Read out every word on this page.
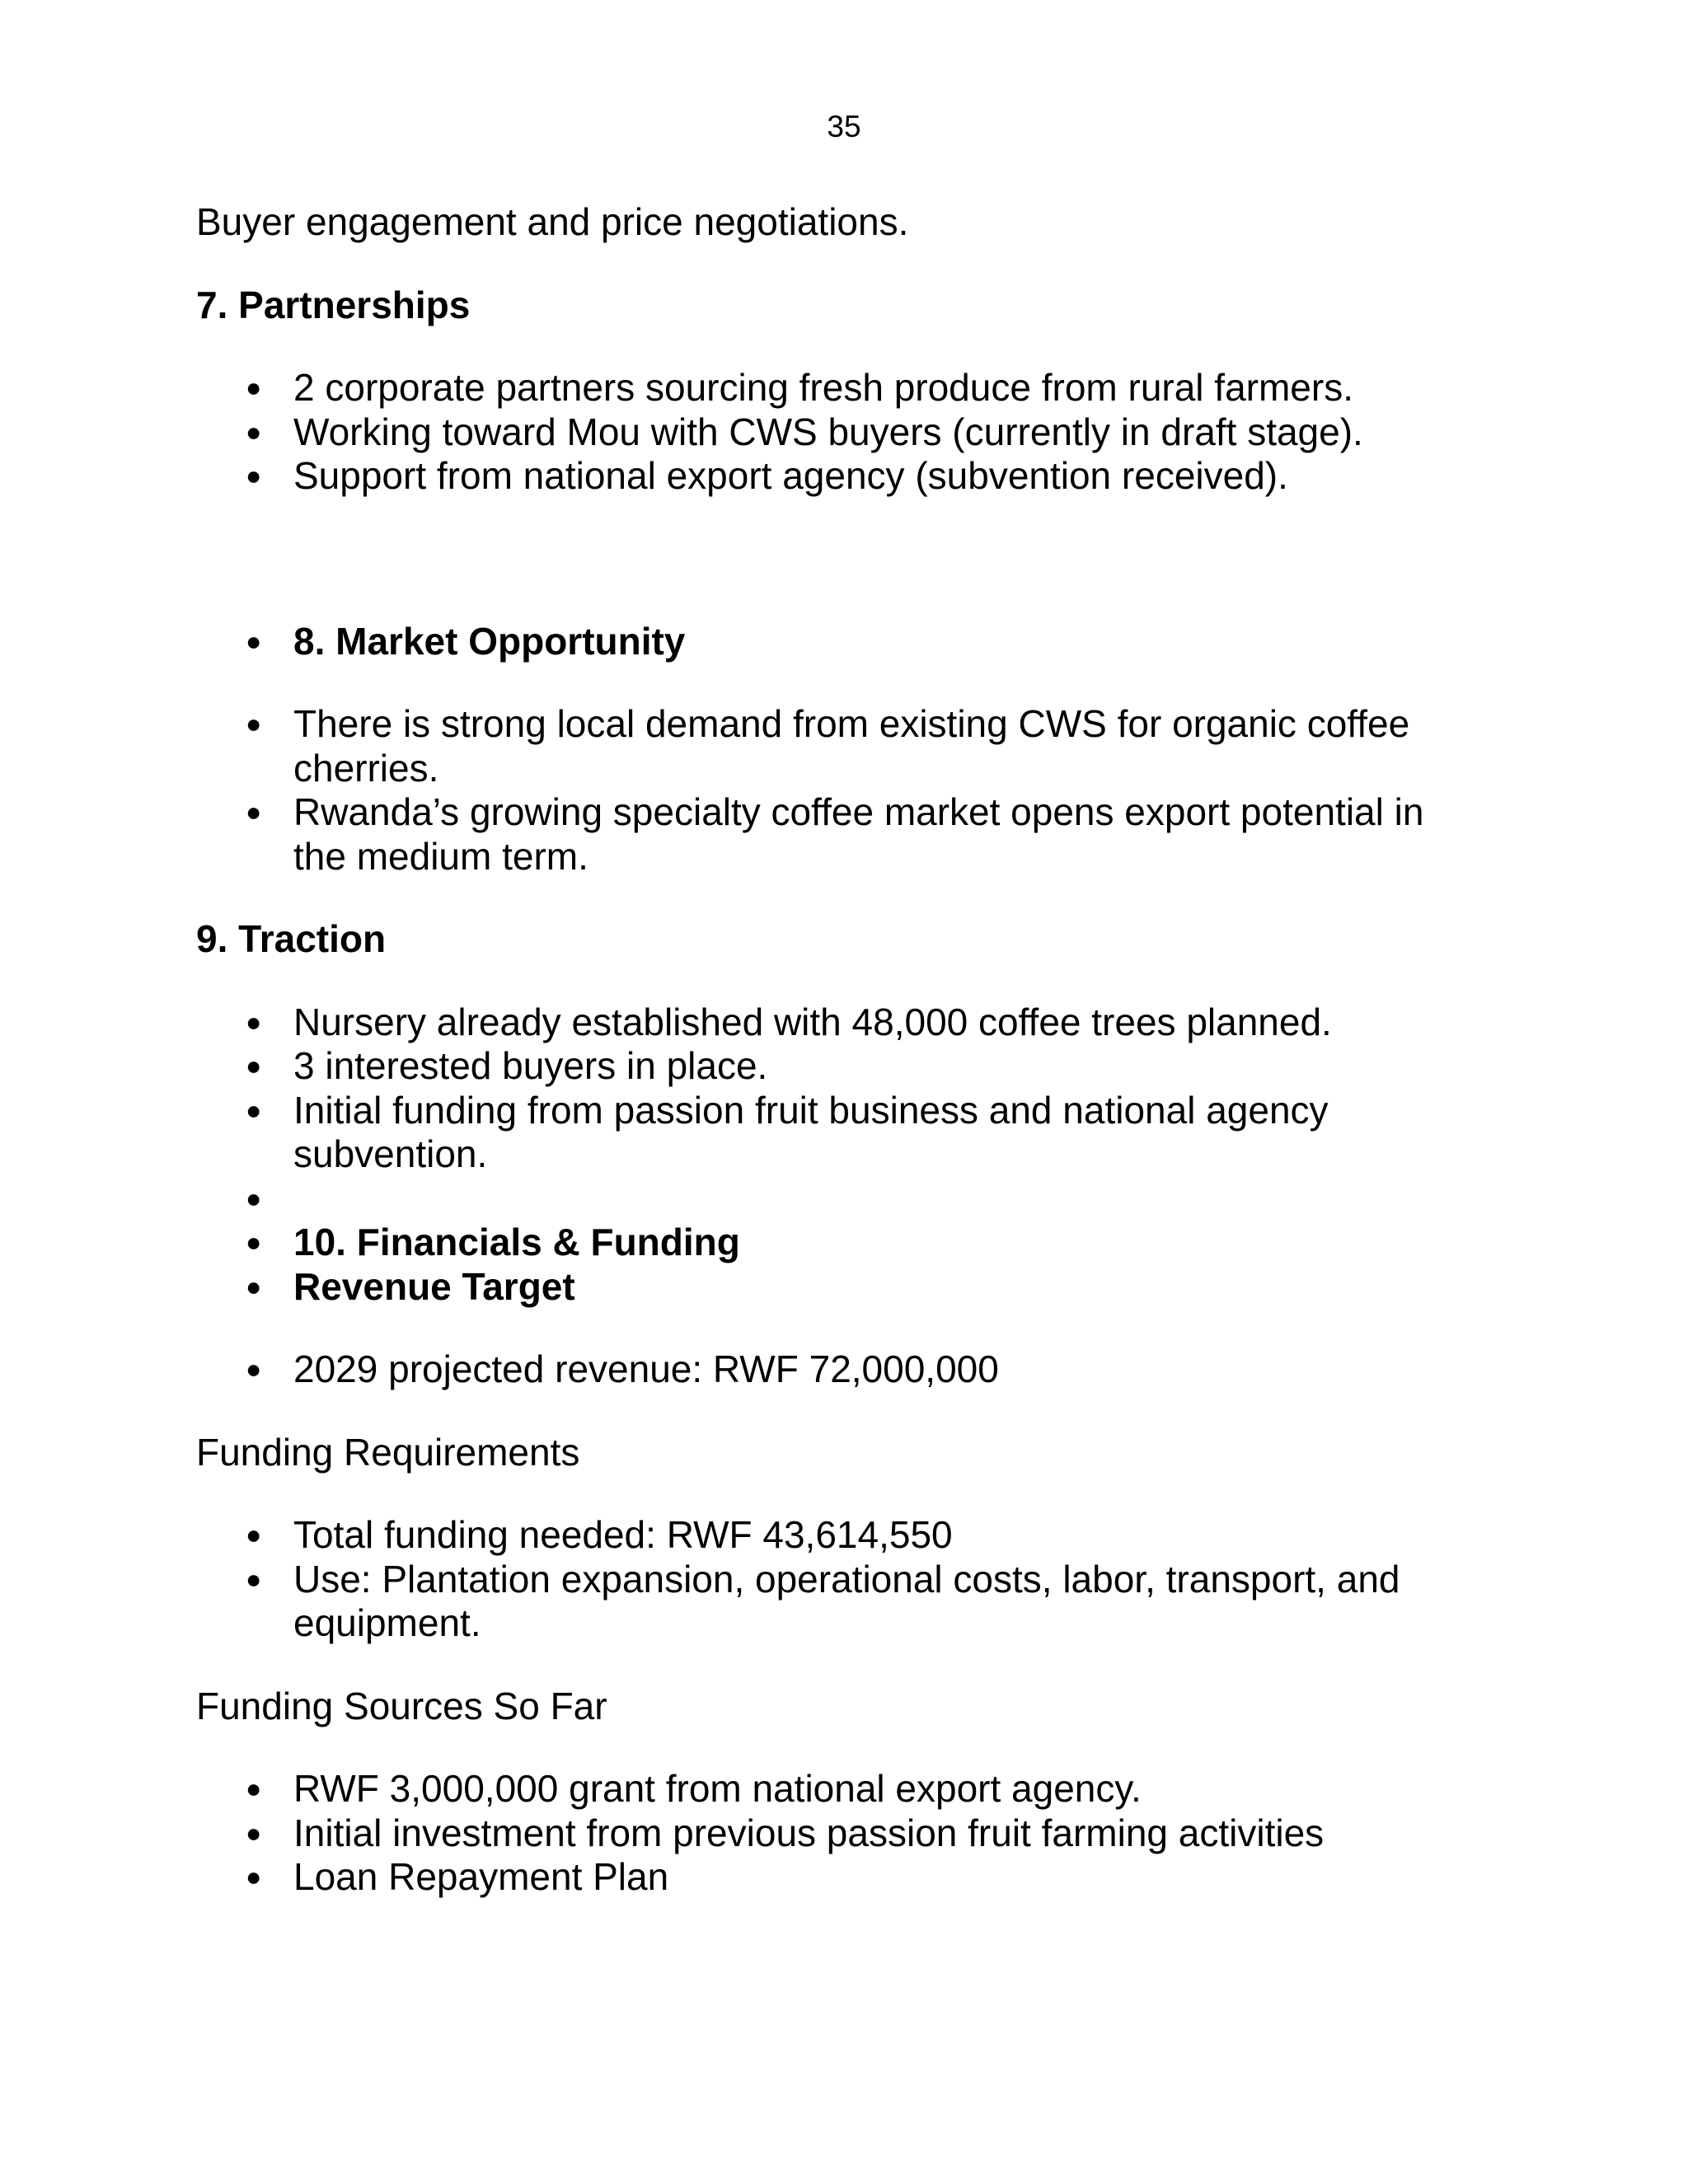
35

Buyer engagement and price negotiations.

7. Partnerships

● 2 corporate partners sourcing fresh produce from rural farmers.
● Working toward Mou with CWS buyers (currently in draft stage).
● Support from national export agency (subvention received).
● 8. Market Opportunity
● There is strong local demand from existing CWS for organic coffee cherries.
● Rwanda’s growing specialty coffee market opens export potential in the medium term.

9. Traction

● Nursery already established with 48,000 coffee trees planned.
● 3 interested buyers in place.
● Initial funding from passion fruit business and national agency subvention.
●
● 10. Financials & Funding
● Revenue Target
● 2029 projected revenue: RWF 72,000,000

Funding Requirements

● Total funding needed: RWF 43,614,550
● Use: Plantation expansion, operational costs, labor, transport, and equipment.

Funding Sources So Far

● RWF 3,000,000 grant from national export agency.
● Initial investment from previous passion fruit farming activities
● Loan Repayment Plan
